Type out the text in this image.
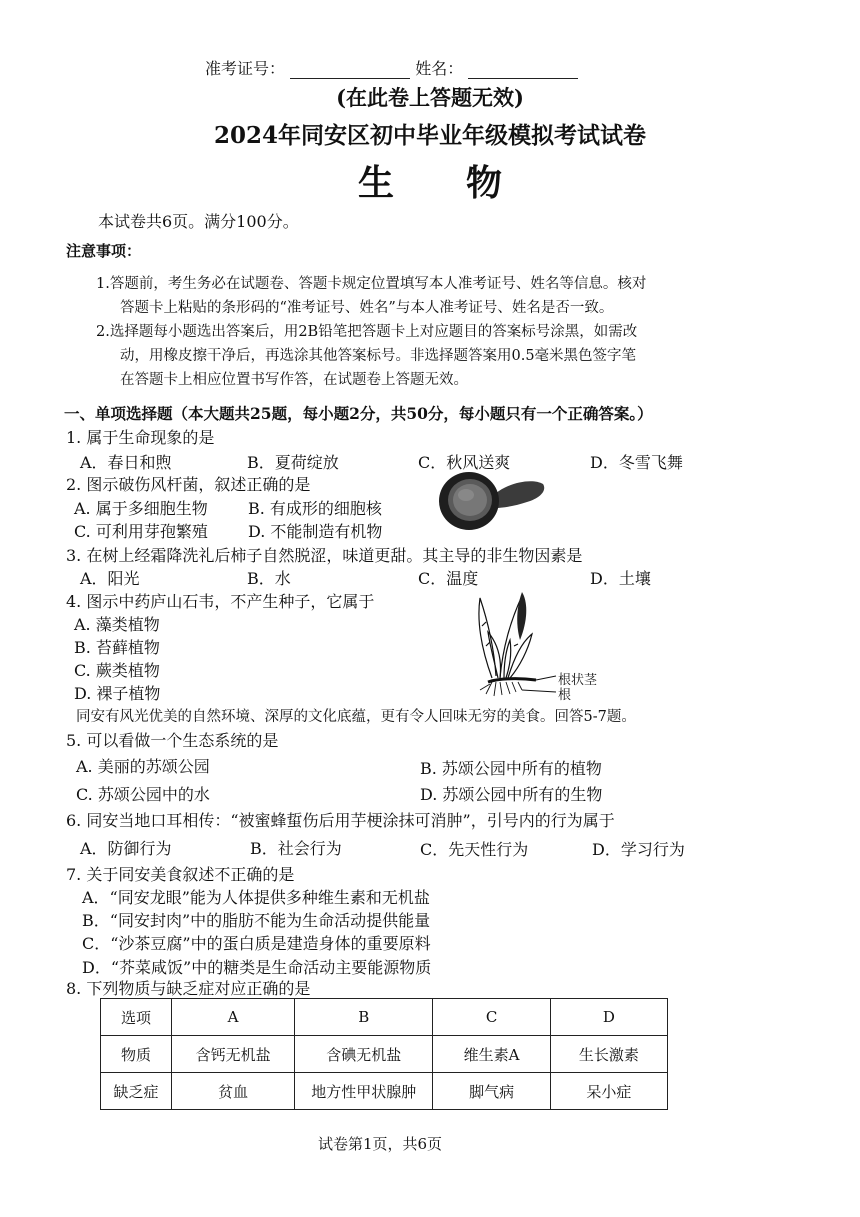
准考证号：	姓名：
(在此卷上答题无效)
2024年同安区初中毕业年级模拟考试试卷
生　　物
本试卷共6页。满分100分。
注意事项：
1.答题前，考生务必在试题卷、答题卡规定位置填写本人准考证号、姓名等信息。核对
答题卡上粘贴的条形码的“准考证号、姓名”与本人准考证号、姓名是否一致。
2.选择题每小题选出答案后，用2B铅笔把答题卡上对应题目的答案标号涂黑，如需改
动，用橡皮擦干净后，再选涂其他答案标号。非选择题答案用0.5毫米黑色签字笔
在答题卡上相应位置书写作答，在试题卷上答题无效。
一、单项选择题（本大题共25题，每小题2分，共50分，每小题只有一个正确答案。）
1. 属于生命现象的是
A．春日和煦	B．夏荷绽放	C．秋风送爽	D．冬雪飞舞
2. 图示破伤风杆菌，叙述正确的是
A. 属于多细胞生物	B. 有成形的细胞核
C. 可利用芽孢繁殖	D. 不能制造有机物
3. 在树上经霜降洗礼后柿子自然脱涩，味道更甜。其主导的非生物因素是
A．阳光	B．水	C．温度	D．土壤
4. 图示中药庐山石韦，不产生种子，它属于
A. 藻类植物
B. 苔藓植物
C. 蕨类植物
D. 裸子植物
根状茎
根
同安有风光优美的自然环境、深厚的文化底蕴，更有令人回味无穷的美食。回答5-7题。
5. 可以看做一个生态系统的是
A. 美丽的苏颂公园	B. 苏颂公园中所有的植物
C. 苏颂公园中的水	D. 苏颂公园中所有的生物
6. 同安当地口耳相传：“被蜜蜂蜇伤后用芋梗涂抹可消肿”，引号内的行为属于
A．防御行为	B．社会行为	C．先天性行为	D．学习行为
7. 关于同安美食叙述不正确的是
A．“同安龙眼”能为人体提供多种维生素和无机盐
B．“同安封肉”中的脂肪不能为生命活动提供能量
C．“沙茶豆腐”中的蛋白质是建造身体的重要原料
D．“芥菜咸饭”中的糖类是生命活动主要能源物质
8. 下列物质与缺乏症对应正确的是
选项	A	B	C	D
物质	含钙无机盐	含碘无机盐	维生素A	生长激素
缺乏症	贫血	地方性甲状腺肿	脚气病	呆小症
试卷第1页，共6页
